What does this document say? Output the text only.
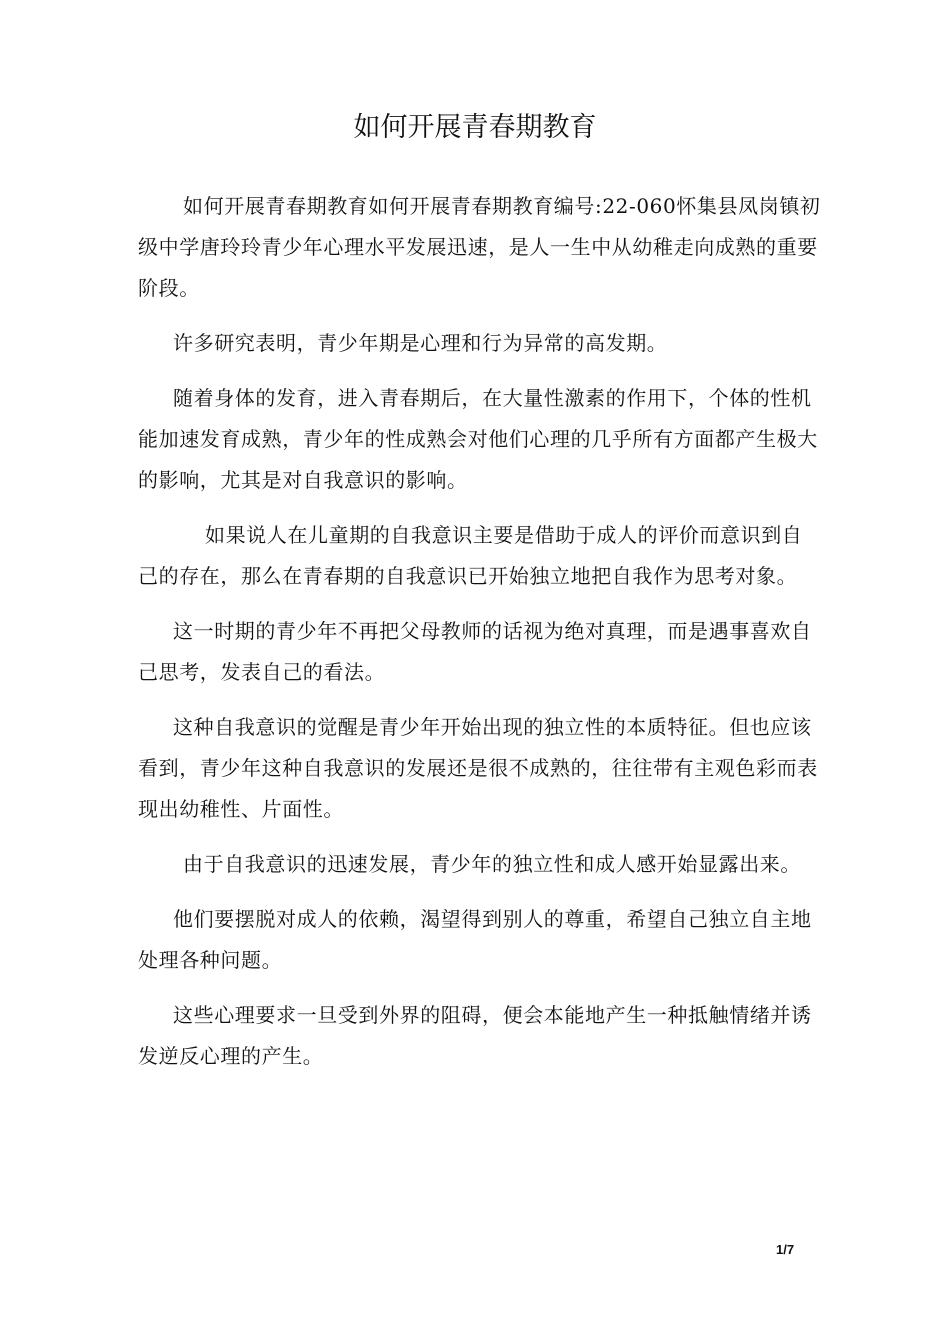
如何开展青春期教育

如何开展青春期教育如何开展青春期教育编号:22-060怀集县凤岗镇初级中学唐玲玲青少年心理水平发展迅速，是人一生中从幼稚走向成熟的重要阶段。

许多研究表明，青少年期是心理和行为异常的高发期。

随着身体的发育，进入青春期后，在大量性激素的作用下，个体的性机能加速发育成熟，青少年的性成熟会对他们心理的几乎所有方面都产生极大的影响，尤其是对自我意识的影响。

如果说人在儿童期的自我意识主要是借助于成人的评价而意识到自己的存在，那么在青春期的自我意识已开始独立地把自我作为思考对象。

这一时期的青少年不再把父母教师的话视为绝对真理，而是遇事喜欢自己思考，发表自己的看法。

这种自我意识的觉醒是青少年开始出现的独立性的本质特征。但也应该看到，青少年这种自我意识的发展还是很不成熟的，往往带有主观色彩而表现出幼稚性、片面性。

由于自我意识的迅速发展，青少年的独立性和成人感开始显露出来。

他们要摆脱对成人的依赖，渴望得到别人的尊重，希望自己独立自主地处理各种问题。

这些心理要求一旦受到外界的阻碍，便会本能地产生一种抵触情绪并诱发逆反心理的产生。

1/7
